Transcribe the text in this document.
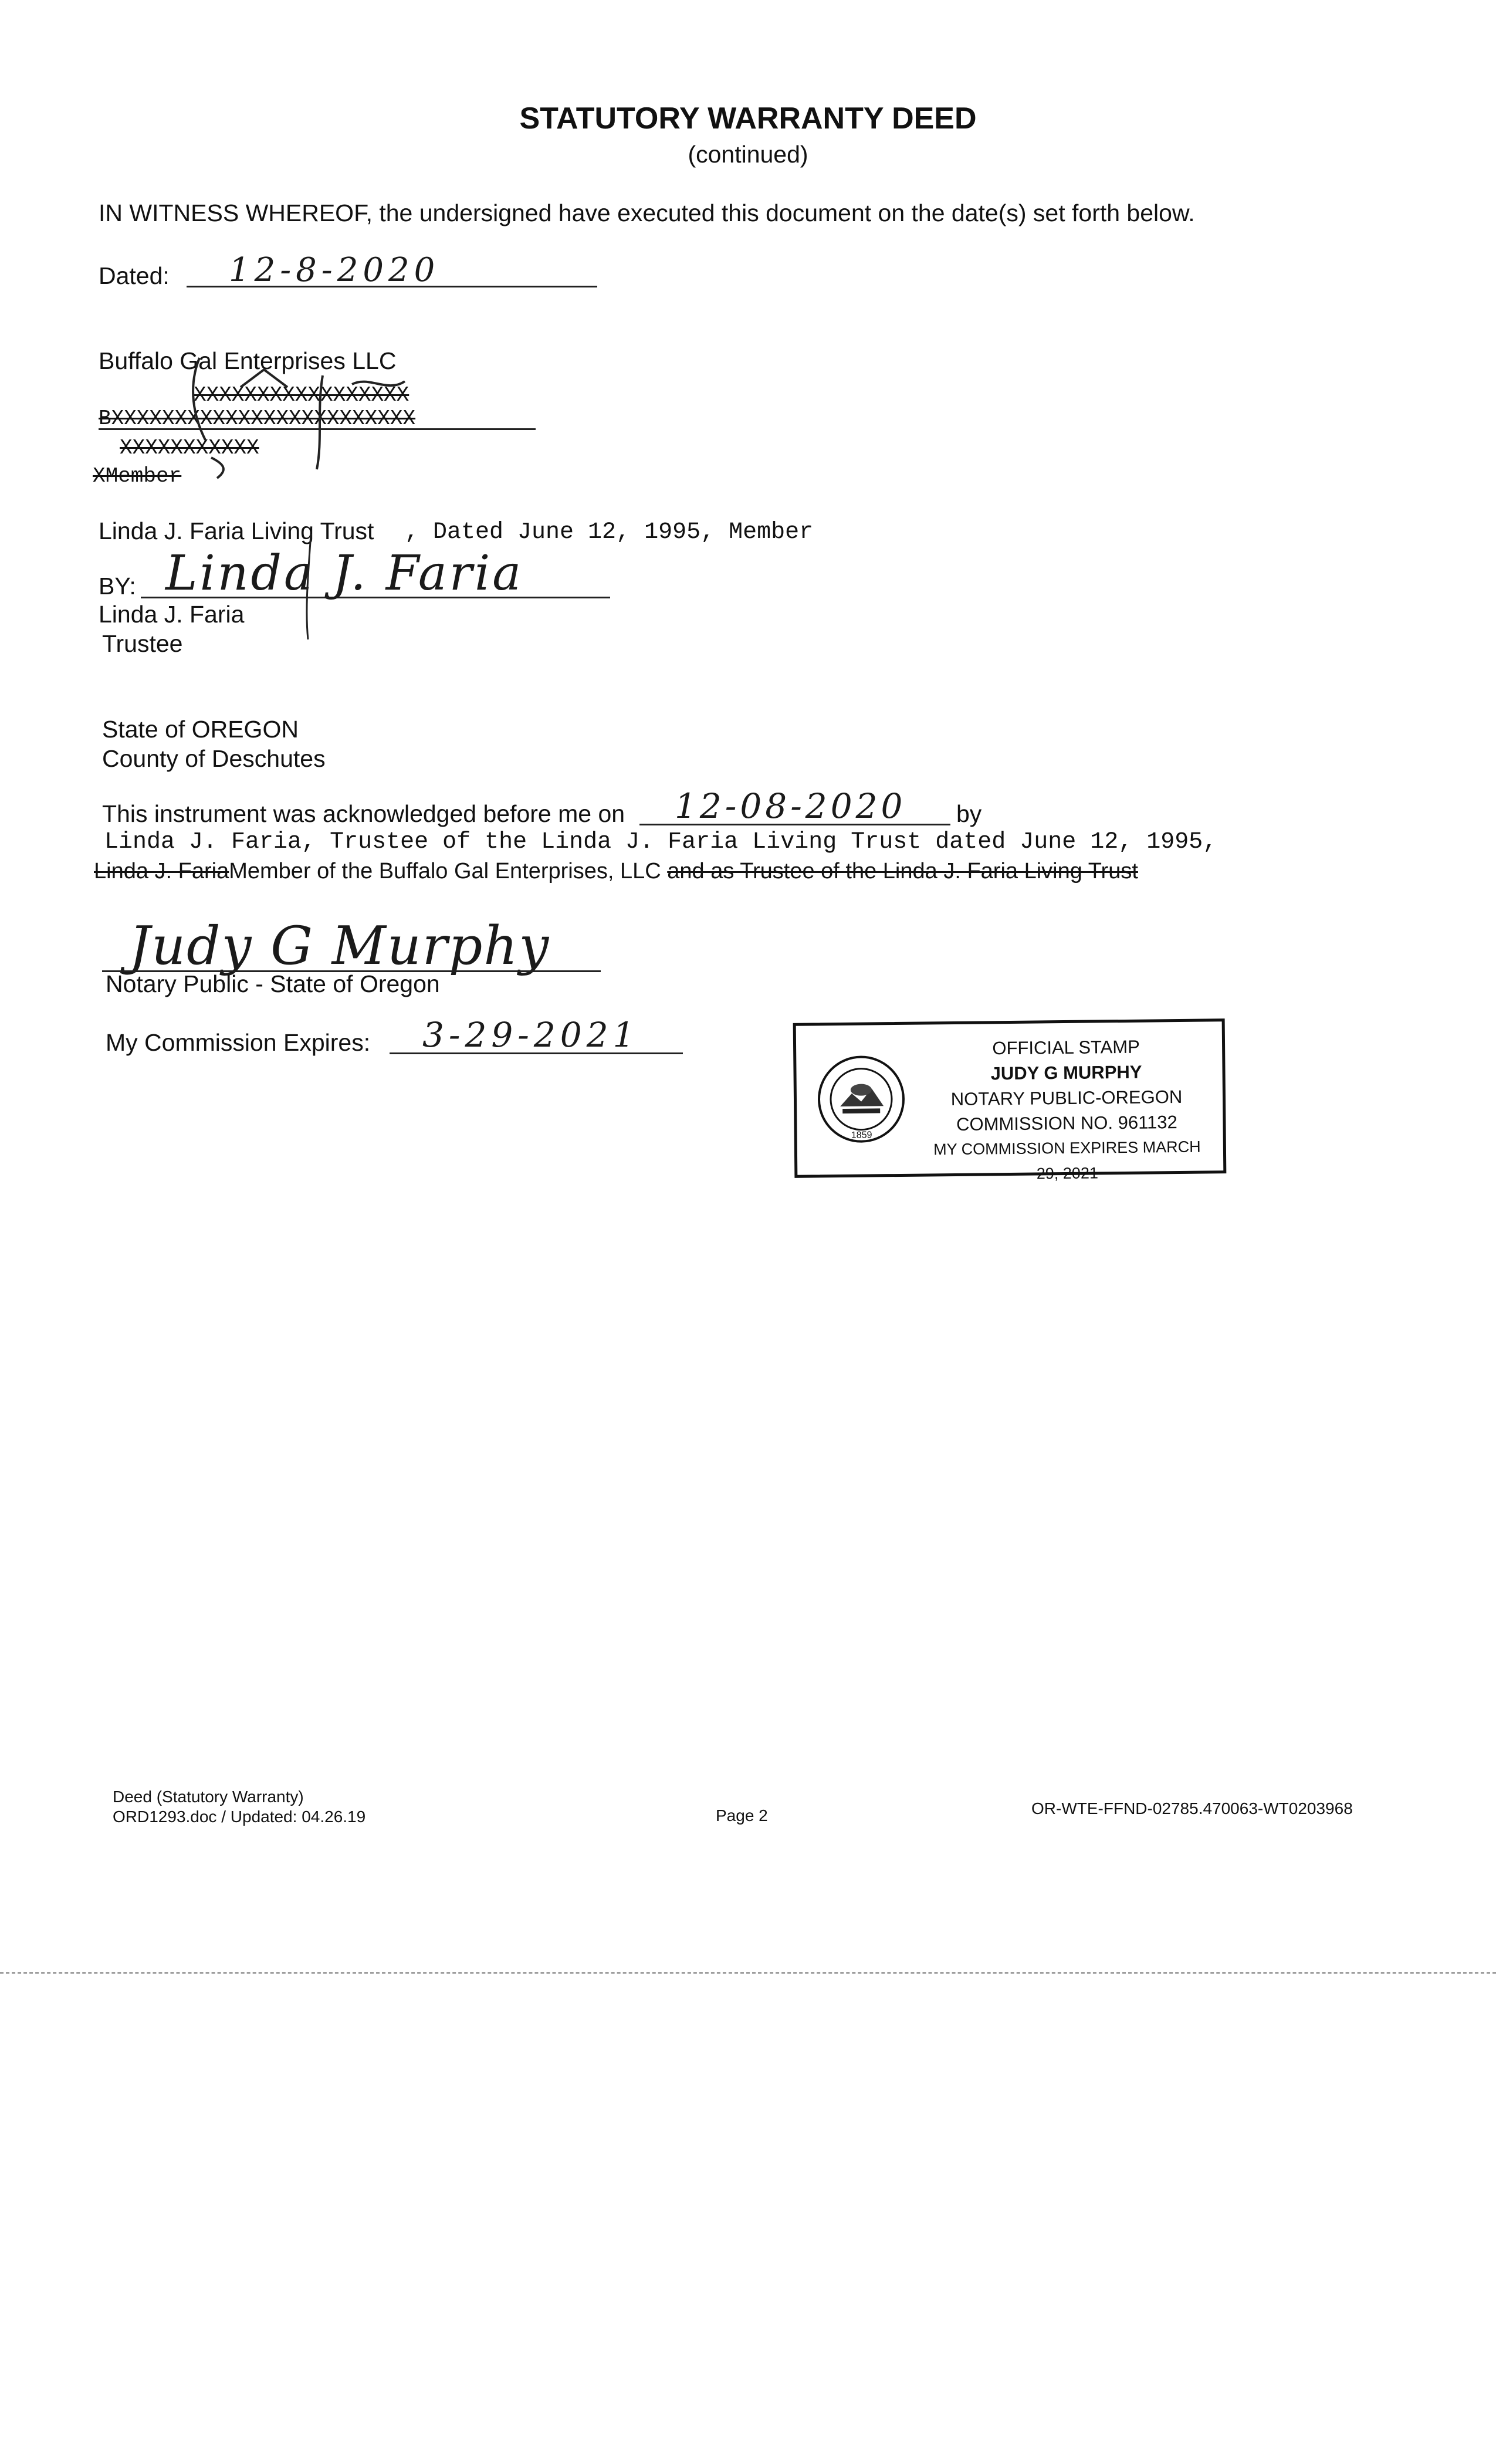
STATUTORY WARRANTY DEED
(continued)
IN WITNESS WHEREOF, the undersigned have executed this document on the date(s) set forth below.
Dated: 12-8-2020
Buffalo Gal Enterprises LLC
XXXXXXXXXXXXXXXXX
BXXXXXXXXXXXXXXXXXXXXXXXX
XXXXXXXXXXX
XMember
Linda J. Faria Living Trust , Dated June 12, 1995, Member
BY: Linda J. Faria
Linda J. Faria
Trustee
State of OREGON
County of Deschutes
This instrument was acknowledged before me on 12-08-2020 by
Linda J. Faria, Trustee of the Linda J. Faria Living Trust dated June 12, 1995,
Linda J. FariaMember of the Buffalo Gal Enterprises, LLC and as Trustee of the Linda J. Faria Living Trust
Judy G Murphy
Notary Public - State of Oregon
My Commission Expires: 3-29-2021
1859
OFFICIAL STAMP
JUDY G MURPHY
NOTARY PUBLIC-OREGON
COMMISSION NO. 961132
MY COMMISSION EXPIRES MARCH 29, 2021
Deed (Statutory Warranty)
ORD1293.doc / Updated: 04.26.19	Page 2	OR-WTE-FFND-02785.470063-WT0203968
